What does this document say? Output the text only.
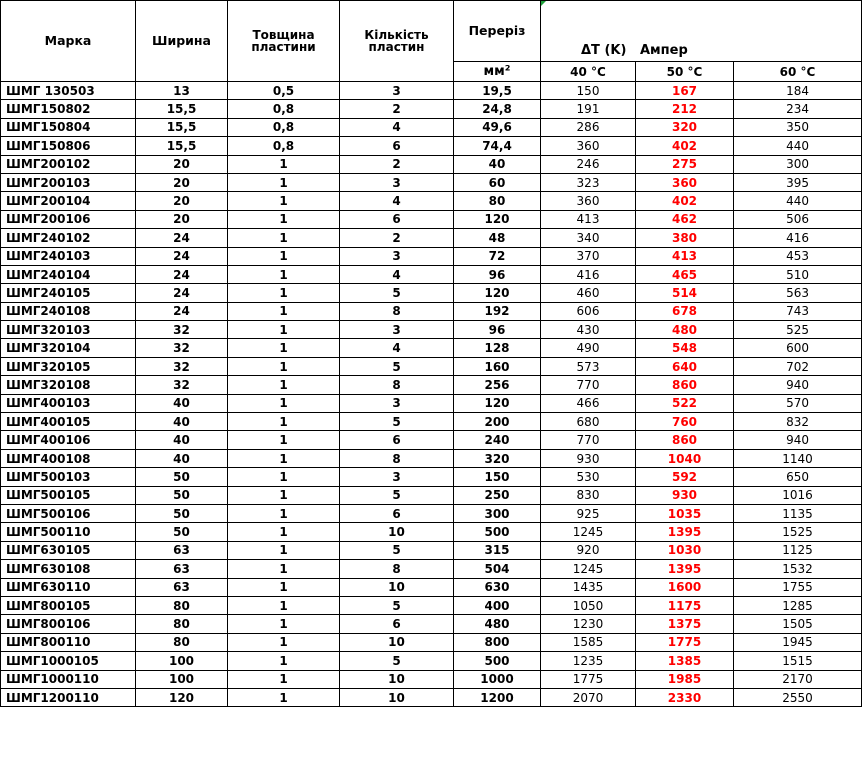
Марка	Ширина	Товщина пластини	Кількість пластин	Переріз	ΔT (K)   Ампер		
				мм²	40 °C	50 °C	60 °C
ШМГ 130503	13	0,5	3	19,5	150	167	184
ШМГ150802	15,5	0,8	2	24,8	191	212	234
ШМГ150804	15,5	0,8	4	49,6	286	320	350
ШМГ150806	15,5	0,8	6	74,4	360	402	440
ШМГ200102	20	1	2	40	246	275	300
ШМГ200103	20	1	3	60	323	360	395
ШМГ200104	20	1	4	80	360	402	440
ШМГ200106	20	1	6	120	413	462	506
ШМГ240102	24	1	2	48	340	380	416
ШМГ240103	24	1	3	72	370	413	453
ШМГ240104	24	1	4	96	416	465	510
ШМГ240105	24	1	5	120	460	514	563
ШМГ240108	24	1	8	192	606	678	743
ШМГ320103	32	1	3	96	430	480	525
ШМГ320104	32	1	4	128	490	548	600
ШМГ320105	32	1	5	160	573	640	702
ШМГ320108	32	1	8	256	770	860	940
ШМГ400103	40	1	3	120	466	522	570
ШМГ400105	40	1	5	200	680	760	832
ШМГ400106	40	1	6	240	770	860	940
ШМГ400108	40	1	8	320	930	1040	1140
ШМГ500103	50	1	3	150	530	592	650
ШМГ500105	50	1	5	250	830	930	1016
ШМГ500106	50	1	6	300	925	1035	1135
ШМГ500110	50	1	10	500	1245	1395	1525
ШМГ630105	63	1	5	315	920	1030	1125
ШМГ630108	63	1	8	504	1245	1395	1532
ШМГ630110	63	1	10	630	1435	1600	1755
ШМГ800105	80	1	5	400	1050	1175	1285
ШМГ800106	80	1	6	480	1230	1375	1505
ШМГ800110	80	1	10	800	1585	1775	1945
ШМГ1000105	100	1	5	500	1235	1385	1515
ШМГ1000110	100	1	10	1000	1775	1985	2170
ШМГ1200110	120	1	10	1200	2070	2330	2550
